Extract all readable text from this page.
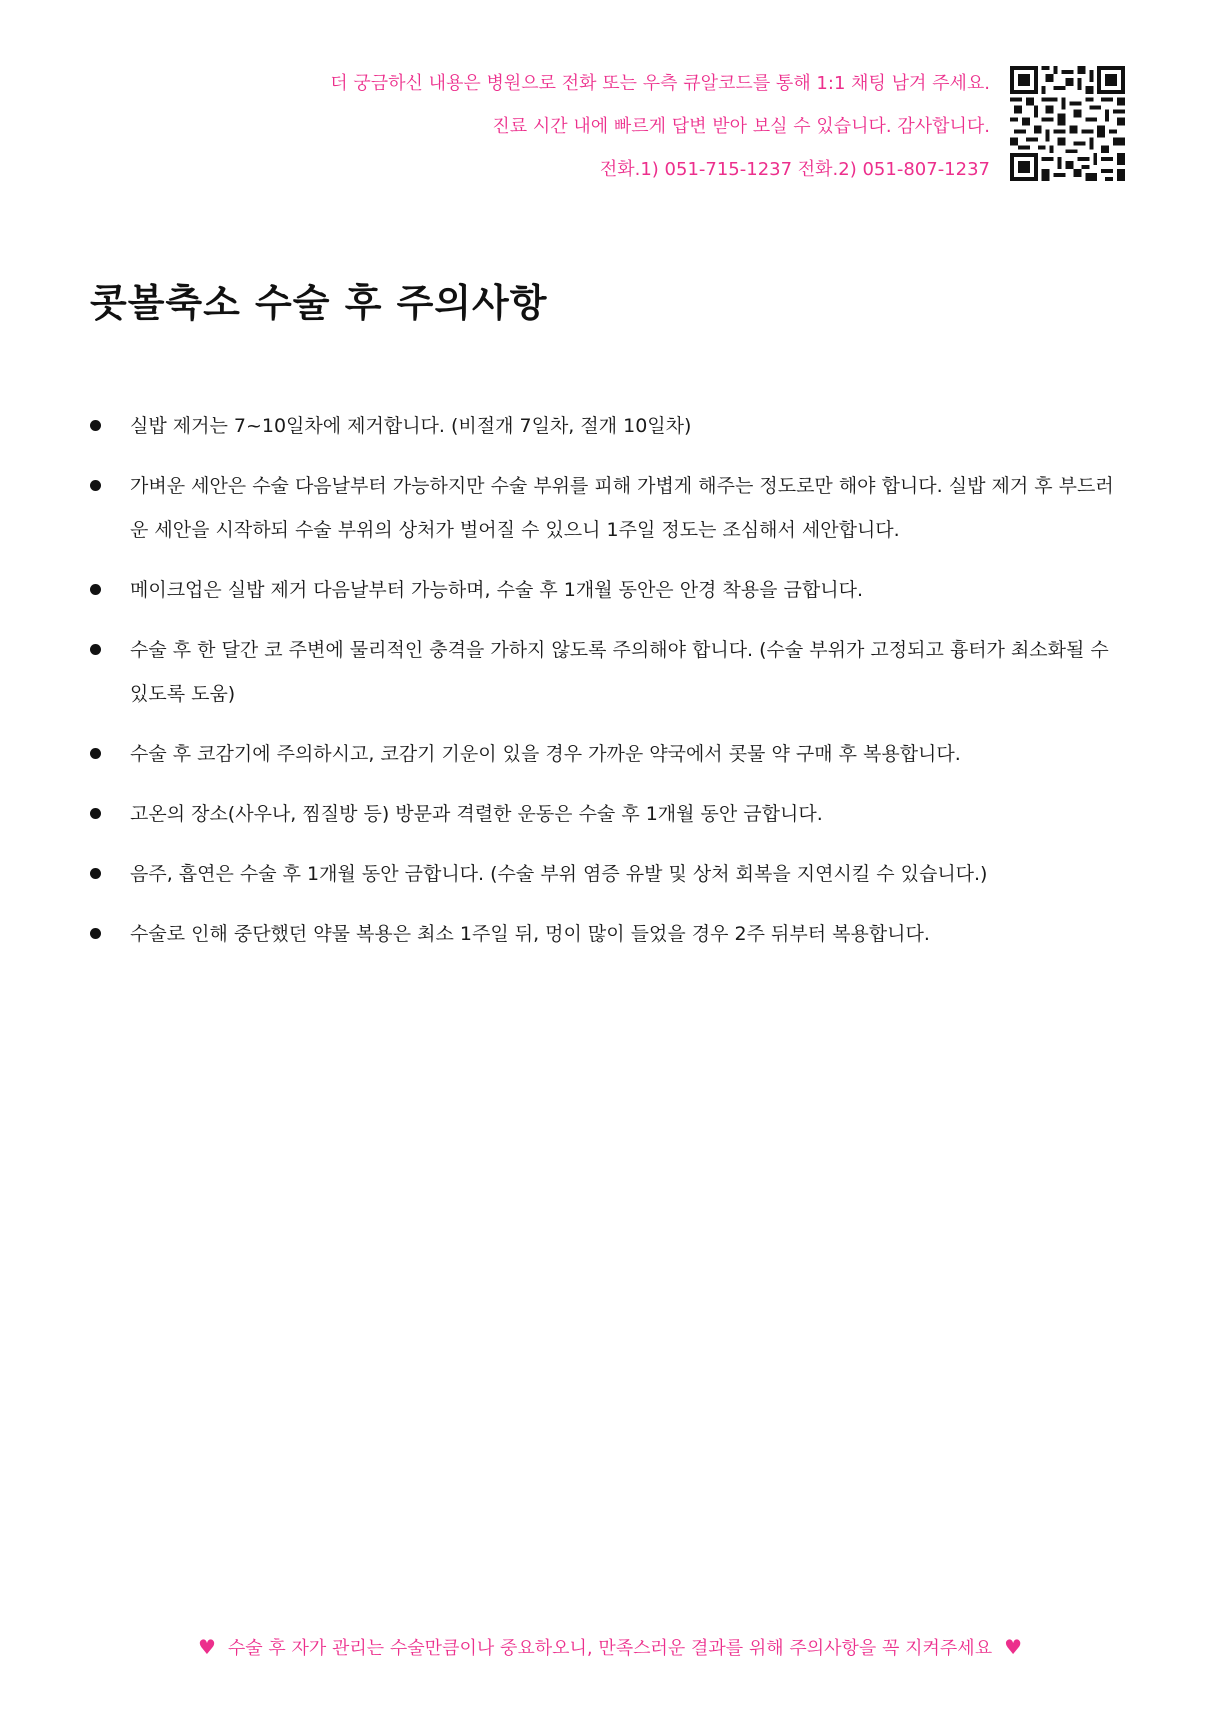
더 궁금하신 내용은 병원으로 전화 또는 우측 큐알코드를 통해 1:1 채팅 남겨 주세요.
진료 시간 내에 빠르게 답변 받아 보실 수 있습니다. 감사합니다.
전화.1) 051-715-1237 전화.2) 051-807-1237
콧볼축소 수술 후 주의사항
실밥 제거는 7~10일차에 제거합니다. (비절개 7일차, 절개 10일차)
가벼운 세안은 수술 다음날부터 가능하지만 수술 부위를 피해 가볍게 해주는 정도로만 해야 합니다. 실밥 제거 후 부드러운 세안을 시작하되 수술 부위의 상처가 벌어질 수 있으니 1주일 정도는 조심해서 세안합니다.
메이크업은 실밥 제거 다음날부터 가능하며, 수술 후 1개월 동안은 안경 착용을 금합니다.
수술 후 한 달간 코 주변에 물리적인 충격을 가하지 않도록 주의해야 합니다. (수술 부위가 고정되고 흉터가 최소화될 수 있도록 도움)
수술 후 코감기에 주의하시고, 코감기 기운이 있을 경우 가까운 약국에서 콧물 약 구매 후 복용합니다.
고온의 장소(사우나, 찜질방 등) 방문과 격렬한 운동은 수술 후 1개월 동안 금합니다.
음주, 흡연은 수술 후 1개월 동안 금합니다. (수술 부위 염증 유발 및 상처 회복을 지연시킬 수 있습니다.)
수술로 인해 중단했던 약물 복용은 최소 1주일 뒤, 멍이 많이 들었을 경우 2주 뒤부터 복용합니다.
♥ 수술 후 자가 관리는 수술만큼이나 중요하오니, 만족스러운 결과를 위해 주의사항을 꼭 지켜주세요 ♥
